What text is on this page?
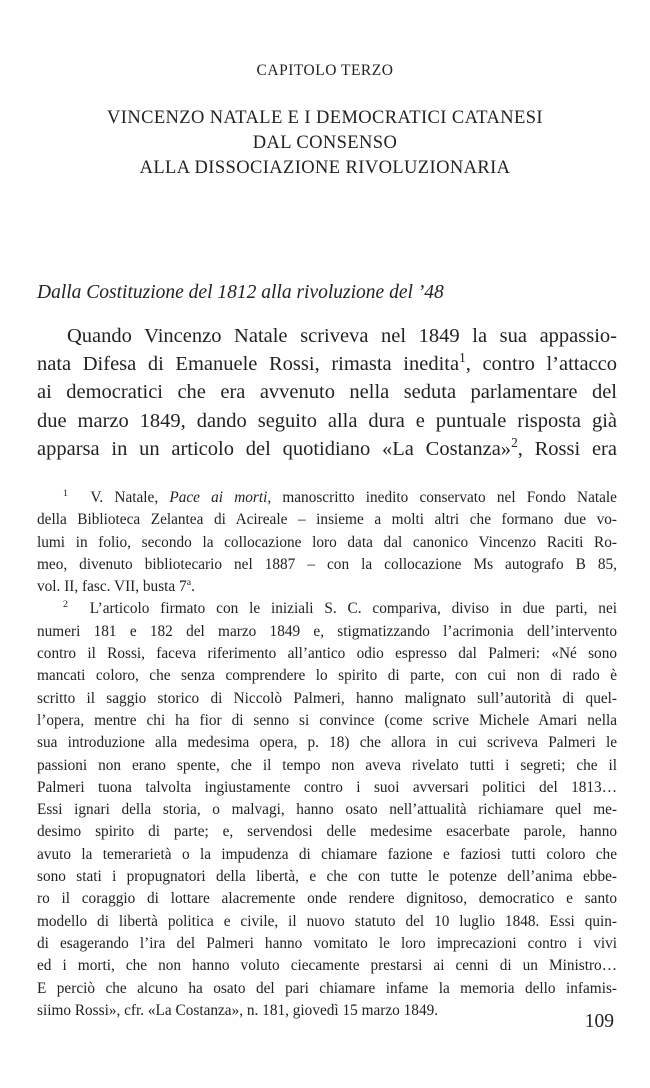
CAPITOLO TERZO
VINCENZO NATALE E I DEMOCRATICI CATANESI
DAL CONSENSO
ALLA DISSOCIAZIONE RIVOLUZIONARIA
Dalla Costituzione del 1812 alla rivoluzione del ’48
Quando Vincenzo Natale scriveva nel 1849 la sua appassio-
nata Difesa di Emanuele Rossi, rimasta inedita$^1$, contro l’attacco
ai democratici che era avvenuto nella seduta parlamentare del
due marzo 1849, dando seguito alla dura e puntuale risposta già
apparsa in un articolo del quotidiano «La Costanza»$^2$, Rossi era
$^1$ V. Natale, Pace ai morti, manoscritto inedito conservato nel Fondo Natale
della Biblioteca Zelantea di Acireale – insieme a molti altri che formano due vo-
lumi in folio, secondo la collocazione loro data dal canonico Vincenzo Raciti Ro-
meo, divenuto bibliotecario nel 1887 – con la collocazione Ms autografo B 85,
vol. II, fasc. VII, busta 7$^a$.
$^2$ L’articolo firmato con le iniziali S. C. compariva, diviso in due parti, nei
numeri 181 e 182 del marzo 1849 e, stigmatizzando l’acrimonia dell’intervento
contro il Rossi, faceva riferimento all’antico odio espresso dal Palmeri: «Né sono
mancati coloro, che senza comprendere lo spirito di parte, con cui non di rado è
scritto il saggio storico di Niccolò Palmeri, hanno malignato sull’autorità di quel-
l’opera, mentre chi ha fior di senno si convince (come scrive Michele Amari nella
sua introduzione alla medesima opera, p. 18) che allora in cui scriveva Palmeri le
passioni non erano spente, che il tempo non aveva rivelato tutti i segreti; che il
Palmeri tuona talvolta ingiustamente contro i suoi avversari politici del 1813…
Essi ignari della storia, o malvagi, hanno osato nell’attualità richiamare quel me-
desimo spirito di parte; e, servendosi delle medesime esacerbate parole, hanno
avuto la temerarietà o la impudenza di chiamare fazione e faziosi tutti coloro che
sono stati i propugnatori della libertà, e che con tutte le potenze dell’anima ebbe-
ro il coraggio di lottare alacremente onde rendere dignitoso, democratico e santo
modello di libertà politica e civile, il nuovo statuto del 10 luglio 1848. Essi quin-
di esagerando l’ira del Palmeri hanno vomitato le loro imprecazioni contro i vivi
ed i morti, che non hanno voluto ciecamente prestarsi ai cenni di un Ministro…
E perciò che alcuno ha osato del pari chiamare infame la memoria dello infamis-
siimo Rossi», cfr. «La Costanza», n. 181, giovedì 15 marzo 1849.
109
